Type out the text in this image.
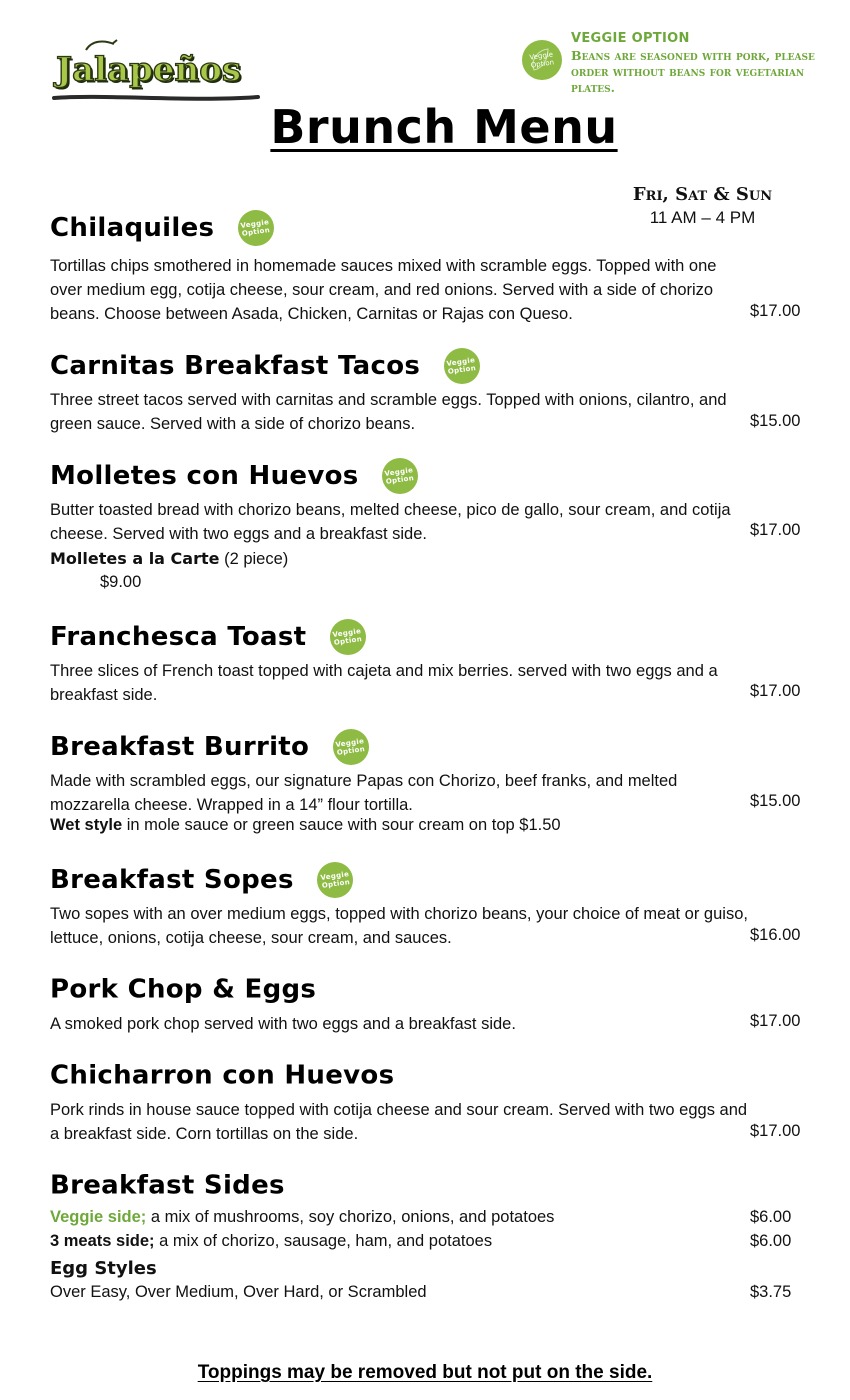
Jalapeños	Veggie
Option
VEGGIE OPTION
Beans are seasoned with pork, please order without beans for vegetarian plates.
Brunch Menu
Fri, Sat & Sun
11 AM – 4 PM
Chilaquiles	Veggie
Option
Tortillas chips smothered in homemade sauces mixed with scramble eggs. Topped with one over medium egg, cotija cheese, sour cream, and red onions. Served with a side of chorizo beans. Choose between Asada, Chicken, Carnitas or Rajas con Queso.	$17.00
Carnitas Breakfast Tacos	Veggie
Option
Three street tacos served with carnitas and scramble eggs. Topped with onions, cilantro, and green sauce. Served with a side of chorizo beans.	$15.00
Molletes con Huevos	Veggie
Option
Butter toasted bread with chorizo beans, melted cheese, pico de gallo, sour cream, and cotija cheese. Served with two eggs and a breakfast side.	$17.00
Molletes a la Carte (2 piece)
$9.00
Franchesca Toast	Veggie
Option
Three slices of French toast topped with cajeta and mix berries. served with two eggs and a breakfast side.	$17.00
Breakfast Burrito	Veggie
Option
Made with scrambled eggs, our signature Papas con Chorizo, beef franks, and melted mozzarella cheese. Wrapped in a 14” flour tortilla.	$15.00
Wet style in mole sauce or green sauce with sour cream on top $1.50
Breakfast Sopes	Veggie
Option
Two sopes with an over medium eggs, topped with chorizo beans, your choice of meat or guiso, lettuce, onions, cotija cheese, sour cream, and sauces.	$16.00
Pork Chop & Eggs
A smoked pork chop served with two eggs and a breakfast side.	$17.00
Chicharron con Huevos
Pork rinds in house sauce topped with cotija cheese and sour cream. Served with two eggs and a breakfast side. Corn tortillas on the side.	$17.00
Breakfast Sides
Veggie side; a mix of mushrooms, soy chorizo, onions, and potatoes	$6.00
3 meats side; a mix of chorizo, sausage, ham, and potatoes	$6.00
Egg Styles
Over Easy, Over Medium, Over Hard, or Scrambled	$3.75
Toppings may be removed but not put on the side.
